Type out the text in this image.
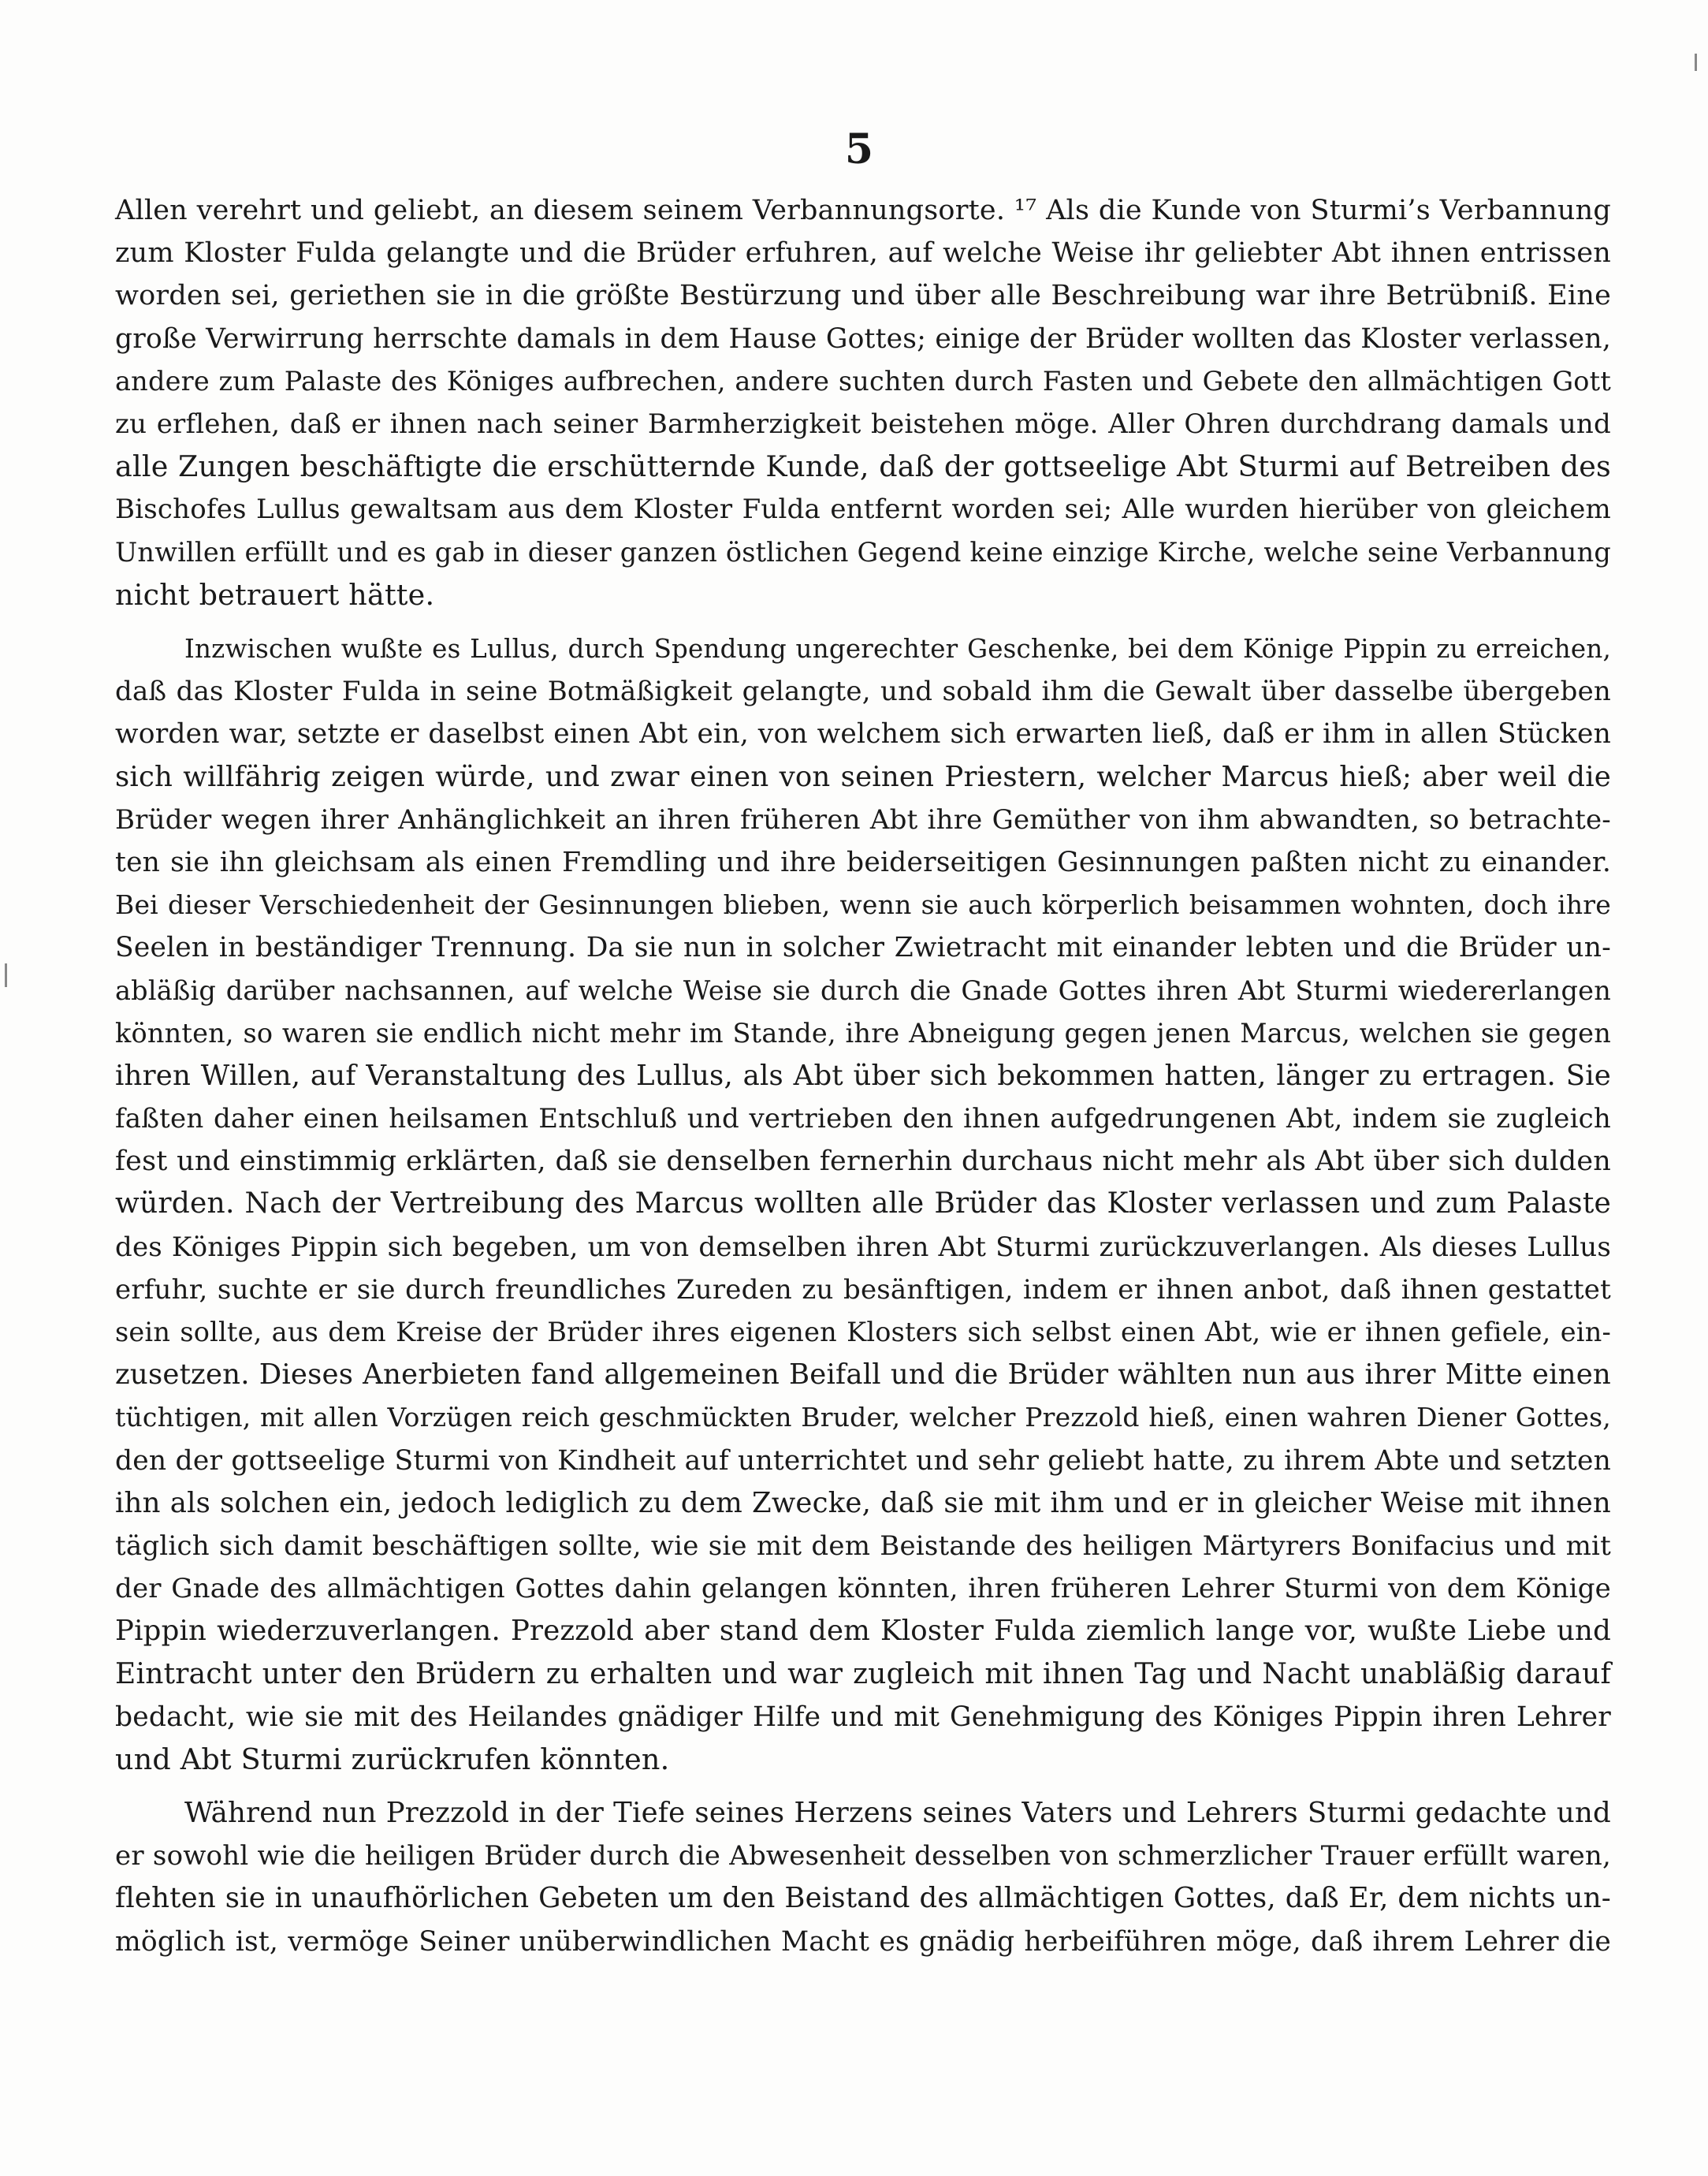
5
Allen verehrt und geliebt, an diesem seinem Verbannungsorte. ¹⁷ Als die Kunde von Sturmi’s Verbannung
zum Kloster Fulda gelangte und die Brüder erfuhren, auf welche Weise ihr geliebter Abt ihnen entrissen
worden sei, geriethen sie in die größte Bestürzung und über alle Beschreibung war ihre Betrübniß. Eine
große Verwirrung herrschte damals in dem Hause Gottes; einige der Brüder wollten das Kloster verlassen,
andere zum Palaste des Königes aufbrechen, andere suchten durch Fasten und Gebete den allmächtigen Gott
zu erflehen, daß er ihnen nach seiner Barmherzigkeit beistehen möge. Aller Ohren durchdrang damals und
alle Zungen beschäftigte die erschütternde Kunde, daß der gottseelige Abt Sturmi auf Betreiben des
Bischofes Lullus gewaltsam aus dem Kloster Fulda entfernt worden sei; Alle wurden hierüber von gleichem
Unwillen erfüllt und es gab in dieser ganzen östlichen Gegend keine einzige Kirche, welche seine Verbannung
nicht betrauert hätte.
Inzwischen wußte es Lullus, durch Spendung ungerechter Geschenke, bei dem Könige Pippin zu erreichen,
daß das Kloster Fulda in seine Botmäßigkeit gelangte, und sobald ihm die Gewalt über dasselbe übergeben
worden war, setzte er daselbst einen Abt ein, von welchem sich erwarten ließ, daß er ihm in allen Stücken
sich willfährig zeigen würde, und zwar einen von seinen Priestern, welcher Marcus hieß; aber weil die
Brüder wegen ihrer Anhänglichkeit an ihren früheren Abt ihre Gemüther von ihm abwandten, so betrachte-
ten sie ihn gleichsam als einen Fremdling und ihre beiderseitigen Gesinnungen paßten nicht zu einander.
Bei dieser Verschiedenheit der Gesinnungen blieben, wenn sie auch körperlich beisammen wohnten, doch ihre
Seelen in beständiger Trennung. Da sie nun in solcher Zwietracht mit einander lebten und die Brüder un-
abläßig darüber nachsannen, auf welche Weise sie durch die Gnade Gottes ihren Abt Sturmi wiedererlangen
könnten, so waren sie endlich nicht mehr im Stande, ihre Abneigung gegen jenen Marcus, welchen sie gegen
ihren Willen, auf Veranstaltung des Lullus, als Abt über sich bekommen hatten, länger zu ertragen. Sie
faßten daher einen heilsamen Entschluß und vertrieben den ihnen aufgedrungenen Abt, indem sie zugleich
fest und einstimmig erklärten, daß sie denselben fernerhin durchaus nicht mehr als Abt über sich dulden
würden. Nach der Vertreibung des Marcus wollten alle Brüder das Kloster verlassen und zum Palaste
des Königes Pippin sich begeben, um von demselben ihren Abt Sturmi zurückzuverlangen. Als dieses Lullus
erfuhr, suchte er sie durch freundliches Zureden zu besänftigen, indem er ihnen anbot, daß ihnen gestattet
sein sollte, aus dem Kreise der Brüder ihres eigenen Klosters sich selbst einen Abt, wie er ihnen gefiele, ein-
zusetzen. Dieses Anerbieten fand allgemeinen Beifall und die Brüder wählten nun aus ihrer Mitte einen
tüchtigen, mit allen Vorzügen reich geschmückten Bruder, welcher Prezzold hieß, einen wahren Diener Gottes,
den der gottseelige Sturmi von Kindheit auf unterrichtet und sehr geliebt hatte, zu ihrem Abte und setzten
ihn als solchen ein, jedoch lediglich zu dem Zwecke, daß sie mit ihm und er in gleicher Weise mit ihnen
täglich sich damit beschäftigen sollte, wie sie mit dem Beistande des heiligen Märtyrers Bonifacius und mit
der Gnade des allmächtigen Gottes dahin gelangen könnten, ihren früheren Lehrer Sturmi von dem Könige
Pippin wiederzuverlangen. Prezzold aber stand dem Kloster Fulda ziemlich lange vor, wußte Liebe und
Eintracht unter den Brüdern zu erhalten und war zugleich mit ihnen Tag und Nacht unabläßig darauf
bedacht, wie sie mit des Heilandes gnädiger Hilfe und mit Genehmigung des Königes Pippin ihren Lehrer
und Abt Sturmi zurückrufen könnten.
Während nun Prezzold in der Tiefe seines Herzens seines Vaters und Lehrers Sturmi gedachte und
er sowohl wie die heiligen Brüder durch die Abwesenheit desselben von schmerzlicher Trauer erfüllt waren,
flehten sie in unaufhörlichen Gebeten um den Beistand des allmächtigen Gottes, daß Er, dem nichts un-
möglich ist, vermöge Seiner unüberwindlichen Macht es gnädig herbeiführen möge, daß ihrem Lehrer die
